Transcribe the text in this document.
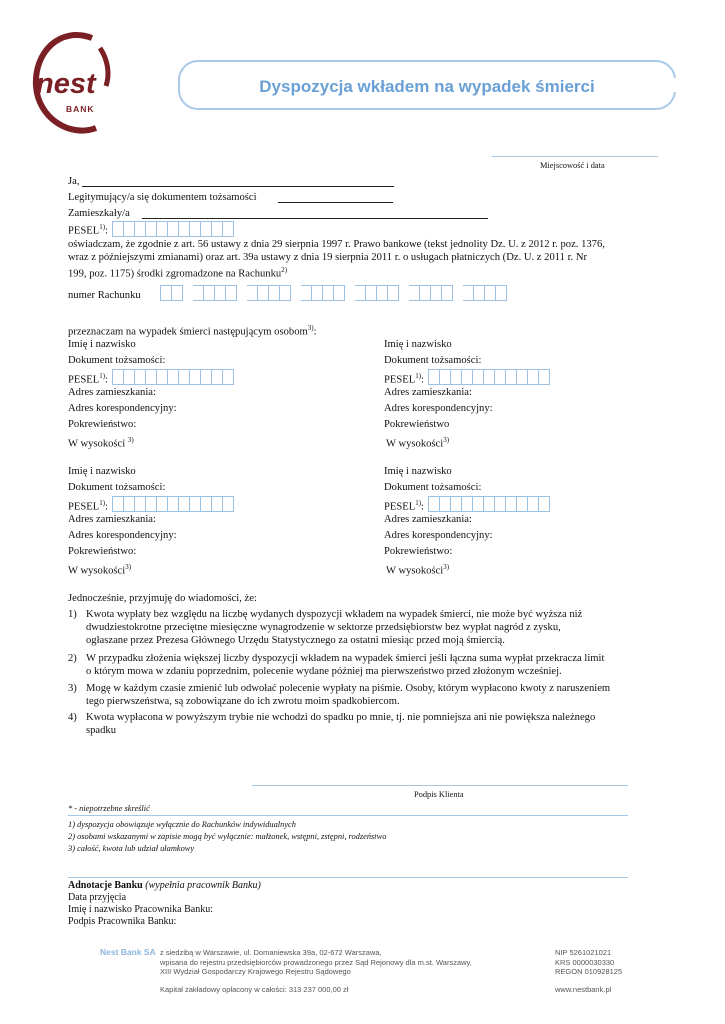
nest
BANK
Dyspozycja wkładem na wypadek śmierci
Miejscowość i data
Ja,
Legitymujący/a się dokumentem tożsamości
Zamieszkały/a
PESEL$^{1)}$:
oświadczam, że zgodnie z art. 56 ustawy z dnia 29 sierpnia 1997 r. Prawo bankowe (tekst jednolity Dz. U. z 2012 r. poz. 1376,
wraz z późniejszymi zmianami) oraz art. 39a ustawy z dnia 19 sierpnia 2011 r. o usługach płatniczych (Dz. U. z 2011 r. Nr
199, poz. 1175) środki zgromadzone na Rachunku$^{2)}$
numer Rachunku
przeznaczam na wypadek śmierci następującym osobom$^{3)}$:
Imię i nazwisko
Dokument tożsamości:
PESEL$^{1)}$:
Adres zamieszkania:
Adres korespondencyjny:
Pokrewieństwo:
W wysokości $^{3)}$
Imię i nazwisko
Dokument tożsamości:
PESEL$^{1)}$:
Adres zamieszkania:
Adres korespondencyjny:
Pokrewieństwo
W wysokości$^{3)}$
Imię i nazwisko
Dokument tożsamości:
PESEL$^{1)}$:
Adres zamieszkania:
Adres korespondencyjny:
Pokrewieństwo:
W wysokości$^{3)}$
Imię i nazwisko
Dokument tożsamości:
PESEL$^{1)}$:
Adres zamieszkania:
Adres korespondencyjny:
Pokrewieństwo:
W wysokości$^{3)}$
Jednocześnie, przyjmuję do wiadomości, że:
1) Kwota wypłaty bez względu na liczbę wydanych dyspozycji wkładem na wypadek śmierci, nie może być wyższa niż
dwudziestokrotne przeciętne miesięczne wynagrodzenie w sektorze przedsiębiorstw bez wypłat nagród z zysku,
ogłaszane przez Prezesa Głównego Urzędu Statystycznego za ostatni miesiąc przed moją śmiercią.
2) W przypadku złożenia większej liczby dyspozycji wkładem na wypadek śmierci jeśli łączna suma wypłat przekracza limit
o którym mowa w zdaniu poprzednim, polecenie wydane później ma pierwszeństwo przed złożonym wcześniej.
3) Mogę w każdym czasie zmienić lub odwołać polecenie wypłaty na piśmie. Osoby, którym wypłacono kwoty z naruszeniem
tego pierwszeństwa, są zobowiązane do ich zwrotu moim spadkobiercom.
4) Kwota wypłacona w powyższym trybie nie wchodzi do spadku po mnie, tj. nie pomniejsza ani nie powiększa należnego
spadku
Podpis Klienta
* - niepotrzebne skreślić
1) dyspozycja obowiązuje wyłącznie do Rachunków indywidualnych
2) osobami wskazanymi w zapisie mogą być wyłącznie: małżonek, wstępni, zstępni, rodzeństwo
3) całość, kwota lub udział ułamkowy
Adnotacje Banku (wypełnia pracownik Banku)
Data przyjęcia
Imię i nazwisko Pracownika Banku:
Podpis Pracownika Banku:
Nest Bank SA z siedzibą w Warszawie, ul. Domaniewska 39a, 02-672 Warszawa,
wpisana do rejestru przedsiębiorców prowadzonego przez Sąd Rejonowy dla m.st. Warszawy,
XIII Wydział Gospodarczy Krajowego Rejestru Sądowego
Kapitał zakładowy opłacony w całości: 313 237 000,00 zł
NIP 5261021021
KRS 0000030330
REGON 010928125
www.nestbank.pl
